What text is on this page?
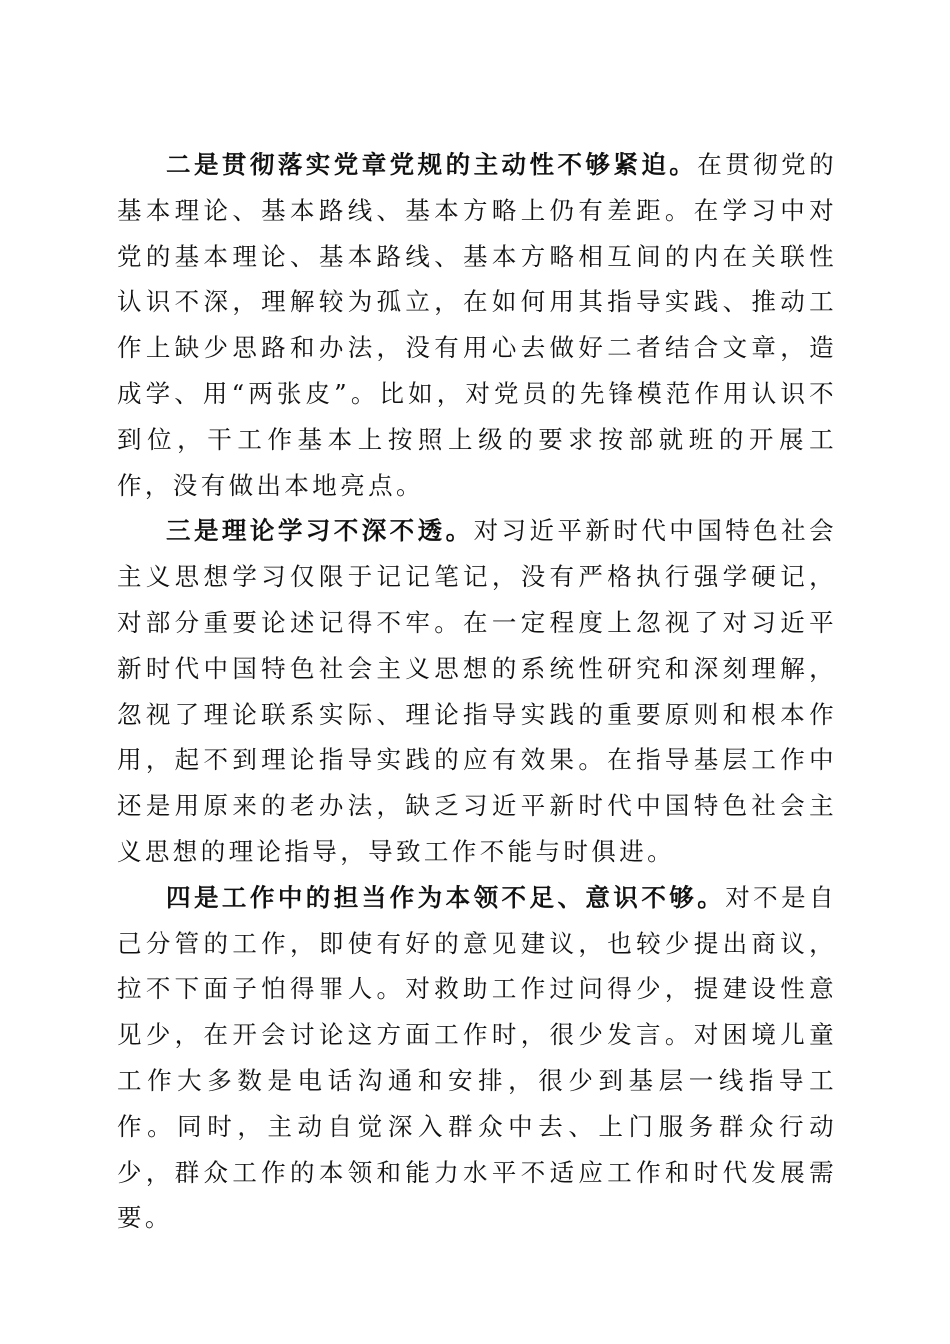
二是贯彻落实党章党规的主动性不够紧迫。在贯彻党的基本理论、基本路线、基本方略上仍有差距。在学习中对党的基本理论、基本路线、基本方略相互间的内在关联性认识不深，理解较为孤立，在如何用其指导实践、推动工作上缺少思路和办法，没有用心去做好二者结合文章，造成学、用“两张皮”。比如，对党员的先锋模范作用认识不到位，干工作基本上按照上级的要求按部就班的开展工作，没有做出本地亮点。

三是理论学习不深不透。对习近平新时代中国特色社会主义思想学习仅限于记记笔记，没有严格执行强学硬记，对部分重要论述记得不牢。在一定程度上忽视了对习近平新时代中国特色社会主义思想的系统性研究和深刻理解，忽视了理论联系实际、理论指导实践的重要原则和根本作用，起不到理论指导实践的应有效果。在指导基层工作中还是用原来的老办法，缺乏习近平新时代中国特色社会主义思想的理论指导，导致工作不能与时俱进。

四是工作中的担当作为本领不足、意识不够。对不是自己分管的工作，即使有好的意见建议，也较少提出商议，拉不下面子怕得罪人。对救助工作过问得少，提建设性意见少，在开会讨论这方面工作时，很少发言。对困境儿童工作大多数是电话沟通和安排，很少到基层一线指导工作。同时，主动自觉深入群众中去、上门服务群众行动少，群众工作的本领和能力水平不适应工作和时代发展需要。
